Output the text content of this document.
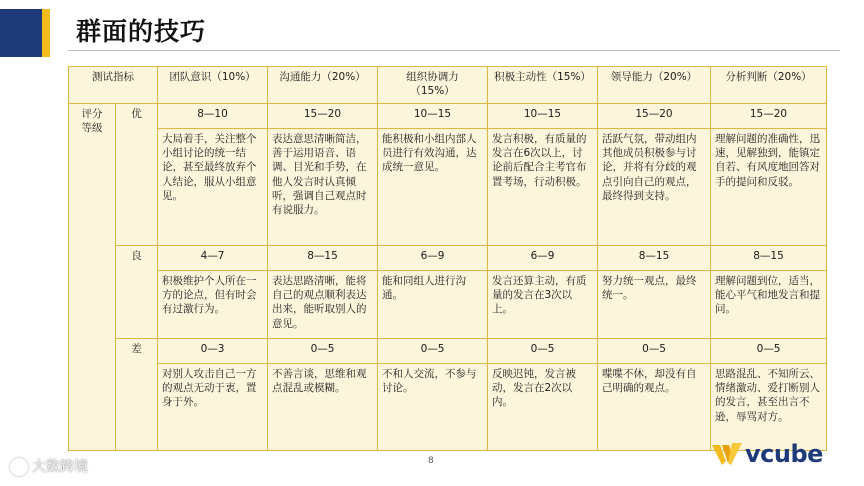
群面的技巧
测试指标		团队意识（10%）	沟通能力（20%）	组织协调力
（15%）	积极主动性（15%）	领导能力（20%）	分析判断（20%）
评分
等级	优	8—10	15—20	10—15	10—15	15—20	15—20
		大局着手，关注整个小组讨论的统一结论，甚至最终放弃个人结论，服从小组意见。	表达意思清晰简洁，善于运用语音、语调、目光和手势，在他人发言时认真倾听，强调自己观点时有说服力。	能积极和小组内部人员进行有效沟通，达成统一意见。	发言积极，有质量的发言在6次以上，讨论前后配合主考官布置考场，行动积极。	活跃气氛，带动组内其他成员积极参与讨论，并将有分歧的观点引向自己的观点，最终得到支持。	理解问题的准确性，迅速，见解独到，能镇定自若、有风度地回答对手的提问和反驳。
	良	4—7	8—15	6—9	6—9	8—15	8—15
		积极维护个人所在一方的论点，但有时会有过激行为。	表达思路清晰，能将自己的观点顺利表达出来，能听取别人的意见。	能和同组人进行沟通。	发言还算主动，有质量的发言在3次以上。	努力统一观点，最终统一。	理解问题到位，适当，能心平气和地发言和提问。
	差	0—3	0—5	0—5	0—5	0—5	0—5
		对别人攻击自己一方的观点无动于衷，置身于外。	不善言谈，思维和观点混乱或模糊。	不和人交流，不参与讨论。	反映迟钝，发言被动，发言在2次以内。	喋喋不休，却没有自己明确的观点。	思路混乱、不知所云、情绪激动、爱打断别人的发言，甚至出言不逊，辱骂对方。
8
大数跨境	vcube
